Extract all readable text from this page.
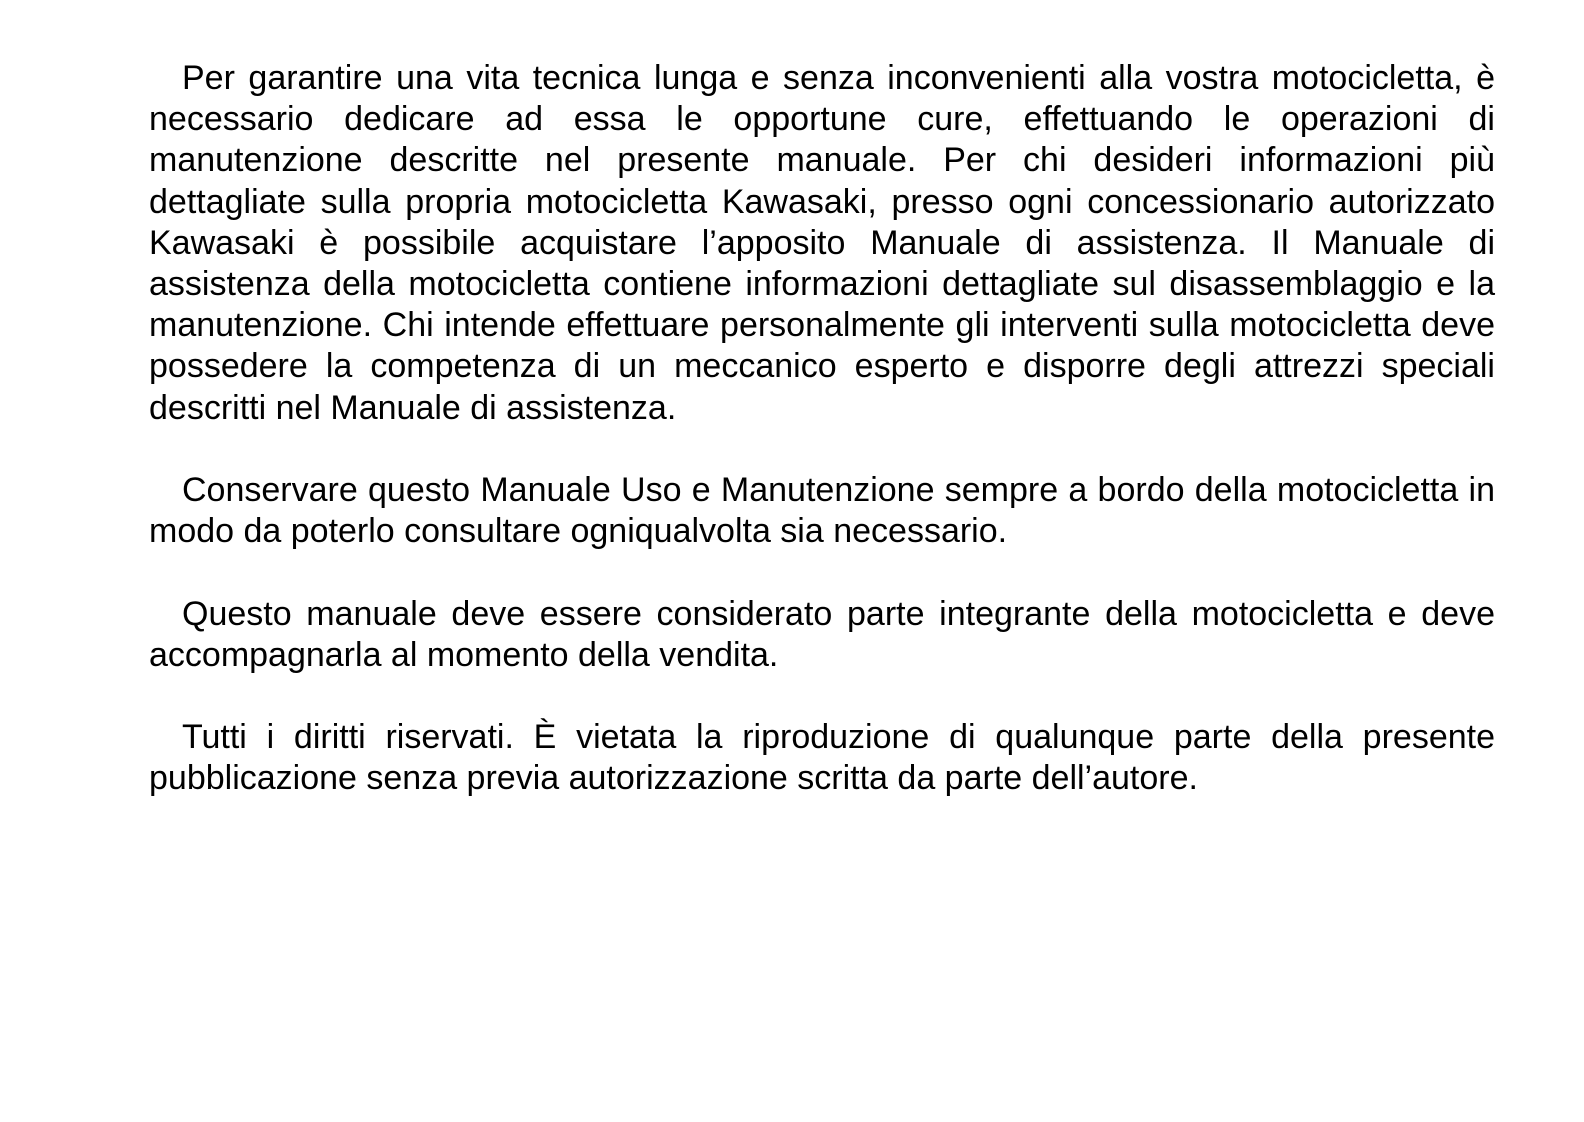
Per garantire una vita tecnica lunga e senza inconvenienti alla vostra motocicletta, è necessario dedicare ad essa le opportune cure, effettuando le operazioni di manutenzione descritte nel presente manuale. Per chi desideri informazioni più dettagliate sulla propria motocicletta Kawasaki, presso ogni concessionario autorizzato Kawasaki è possibile acquistare l’apposito Manuale di assistenza. Il Manuale di assistenza della motocicletta contiene informazioni dettagliate sul disassemblaggio e la manutenzione. Chi intende effettuare personalmente gli interventi sulla motocicletta deve possedere la competenza di un meccanico esperto e disporre degli attrezzi speciali descritti nel Manuale di assistenza.

Conservare questo Manuale Uso e Manutenzione sempre a bordo della motocicletta in modo da poterlo consultare ogniqualvolta sia necessario.

Questo manuale deve essere considerato parte integrante della motocicletta e deve accompagnarla al momento della vendita.

Tutti i diritti riservati. È vietata la riproduzione di qualunque parte della presente pubblicazione senza previa autorizzazione scritta da parte dell’autore.
